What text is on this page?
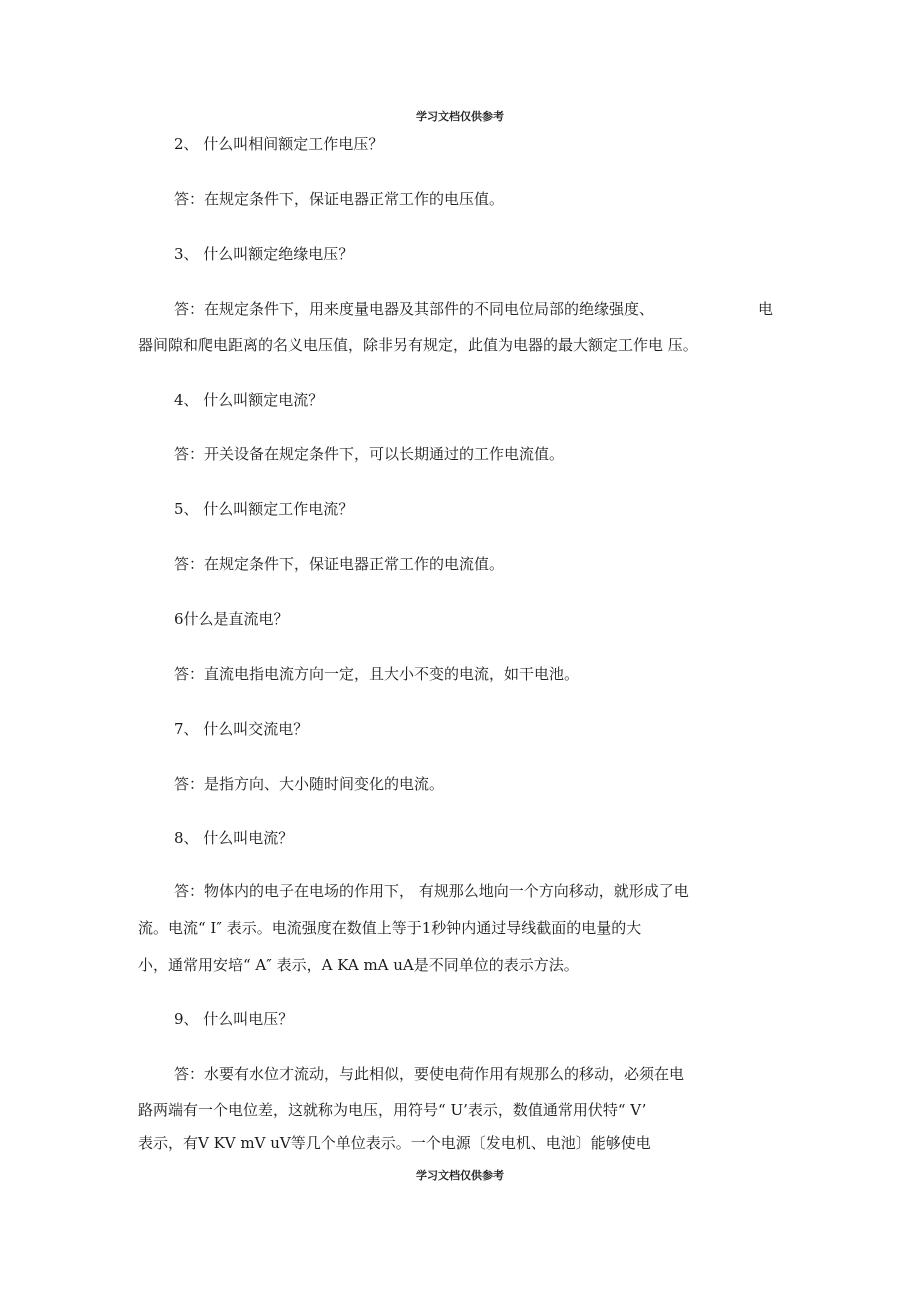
学习文档仅供参考
2、 什么叫相间额定工作电压？
答：在规定条件下，保证电器正常工作的电压值。
3、 什么叫额定绝缘电压？
答：在规定条件下，用来度量电器及其部件的不同电位局部的绝缘强度、	电
器间隙和爬电距离的名义电压值，除非另有规定，此值为电器的最大额定工作电 压。
4、 什么叫额定电流？
答：开关设备在规定条件下，可以长期通过的工作电流值。
5、 什么叫额定工作电流？
答：在规定条件下，保证电器正常工作的电流值。
6什么是直流电？
答：直流电指电流方向一定，且大小不变的电流，如干电池。
7、 什么叫交流电？
答：是指方向、大小随时间变化的电流。
8、 什么叫电流？
答：物体内的电子在电场的作用下， 有规那么地向一个方向移动，就形成了电
流。电流“ I″ 表示。电流强度在数值上等于1秒钟内通过导线截面的电量的大
小，通常用安培“ A″ 表示，A KA mA uA是不同单位的表示方法。
9、 什么叫电压？
答：水要有水位才流动，与此相似，要使电荷作用有规那么的移动，必须在电
路两端有一个电位差，这就称为电压，用符号“ U’表示，数值通常用伏特“ V’
表示，有V KV mV uV等几个单位表示。一个电源〔发电机、电池〕能够使电
学习文档仅供参考
